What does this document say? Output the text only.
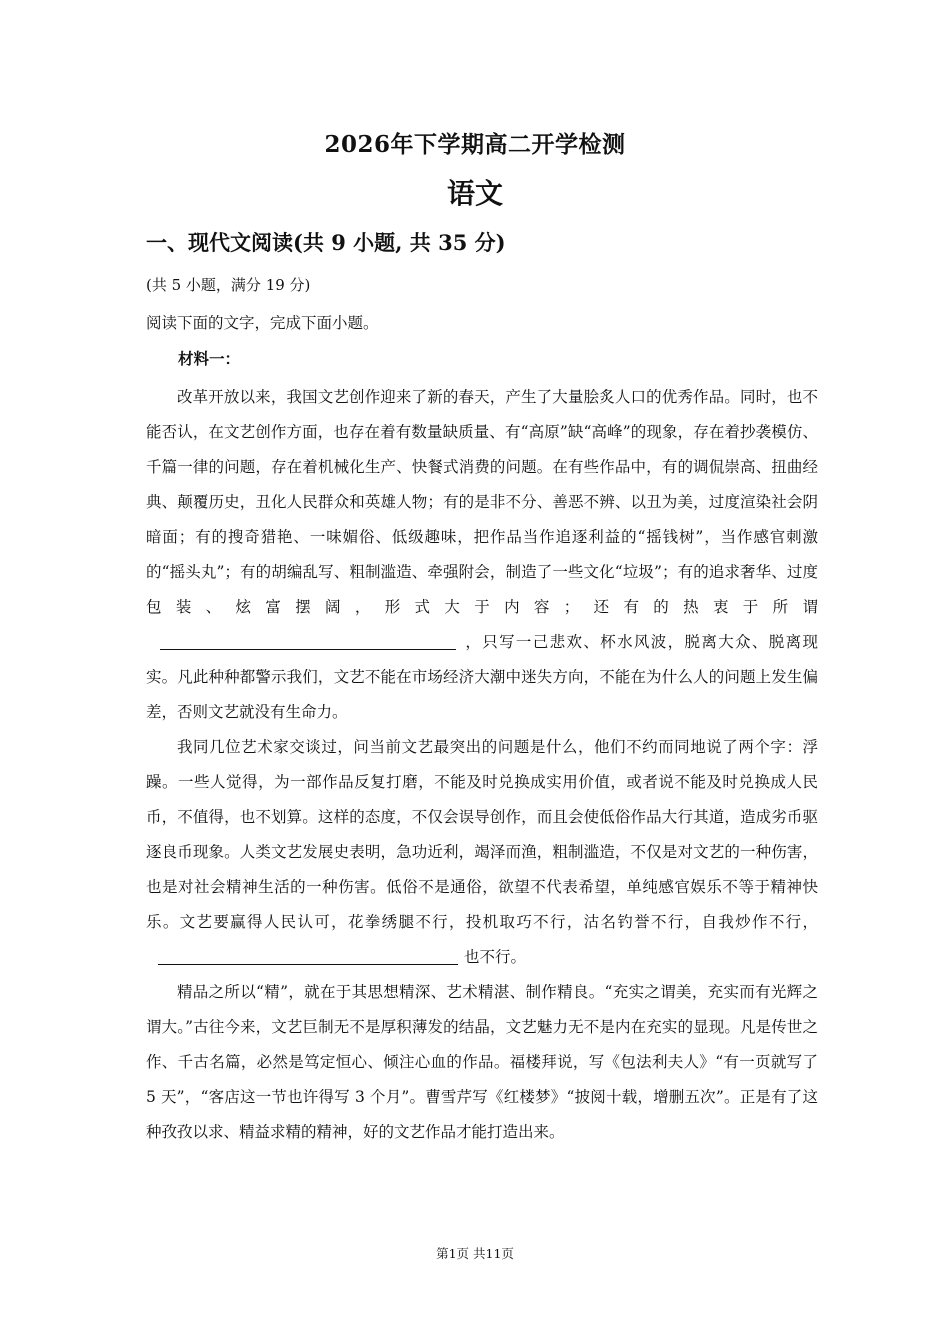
2026年下学期高二开学检测
语文
一、现代文阅读(共 9 小题, 共 35 分)
(共 5 小题，满分 19 分)
阅读下面的文字，完成下面小题。
材料一：

改革开放以来，我国文艺创作迎来了新的春天，产生了大量脍炙人口的优秀作品。同时，也不能否认，在文艺创作方面，也存在着有数量缺质量、有“高原”缺“高峰”的现象，存在着抄袭模仿、千篇一律的问题，存在着机械化生产、快餐式消费的问题。在有些作品中，有的调侃崇高、扭曲经典、颠覆历史，丑化人民群众和英雄人物；有的是非不分、善恶不辨、以丑为美，过度渲染社会阴暗面；有的搜奇猎艳、一味媚俗、低级趣味，把作品当作追逐利益的“摇钱树”，当作感官刺激的“摇头丸”；有的胡编乱写、粗制滥造、牵强附会，制造了一些文化“垃圾”；有的追求奢华、过度包装、炫富摆阔，形式大于内容；还有的热衷于所谓，只写一己悲欢、杯水风波，脱离大众、脱离现实。凡此种种都警示我们，文艺不能在市场经济大潮中迷失方向，不能在为什么人的问题上发生偏差，否则文艺就没有生命力。

我同几位艺术家交谈过，问当前文艺最突出的问题是什么，他们不约而同地说了两个字：浮躁。一些人觉得，为一部作品反复打磨，不能及时兑换成实用价值，或者说不能及时兑换成人民币，不值得，也不划算。这样的态度，不仅会误导创作，而且会使低俗作品大行其道，造成劣币驱逐良币现象。人类文艺发展史表明，急功近利，竭泽而渔，粗制滥造，不仅是对文艺的一种伤害，也是对社会精神生活的一种伤害。低俗不是通俗，欲望不代表希望，单纯感官娱乐不等于精神快乐。文艺要赢得人民认可，花拳绣腿不行，投机取巧不行，沽名钓誉不行，自我炒作不行，也不行。

精品之所以“精”，就在于其思想精深、艺术精湛、制作精良。“充实之谓美，充实而有光辉之谓大。”古往今来，文艺巨制无不是厚积薄发的结晶，文艺魅力无不是内在充实的显现。凡是传世之作、千古名篇，必然是笃定恒心、倾注心血的作品。福楼拜说，写《包法利夫人》“有一页就写了 5 天”，“客店这一节也许得写 3 个月”。曹雪芹写《红楼梦》“披阅十载，增删五次”。正是有了这种孜孜以求、精益求精的精神，好的文艺作品才能打造出来。

第1页 共11页
